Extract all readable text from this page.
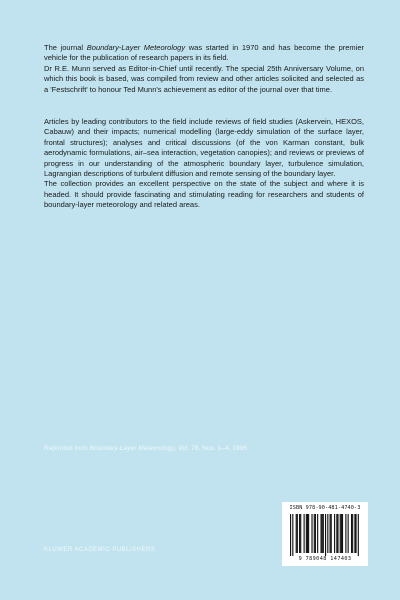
The journal Boundary-Layer Meteorology was started in 1970 and has become the premier vehicle for the publication of research papers in its field.

Dr R.E. Munn served as Editor-in-Chief until recently. The special 25th Anniversary Volume, on which this book is based, was compiled from review and other articles solicited and selected as a 'Festschrift' to honour Ted Munn's achievement as editor of the journal over that time.

Articles by leading contributors to the field include reviews of field studies (Askervein, HEXOS, Cabauw) and their impacts; numerical modelling (large-eddy simulation of the surface layer, frontal structures); analyses and critical discussions (of the von Karman constant, bulk aerodynamic formulations, air–sea interaction, vegetation canopies); and reviews or previews of progress in our understanding of the atmospheric boundary layer, turbulence simulation, Lagrangian descriptions of turbulent diffusion and remote sensing of the boundary layer.

The collection provides an excellent perspective on the state of the subject and where it is headed. It should provide fascinating and stimulating reading for researchers and students of boundary-layer meteorology and related areas.

Reprinted from Boundary-Layer Meteorology, Vol. 78, Nos. 1–4, 1996
ISBN 978-90-481-4740-3
9 789048 147403
KLUWER ACADEMIC PUBLISHERS
